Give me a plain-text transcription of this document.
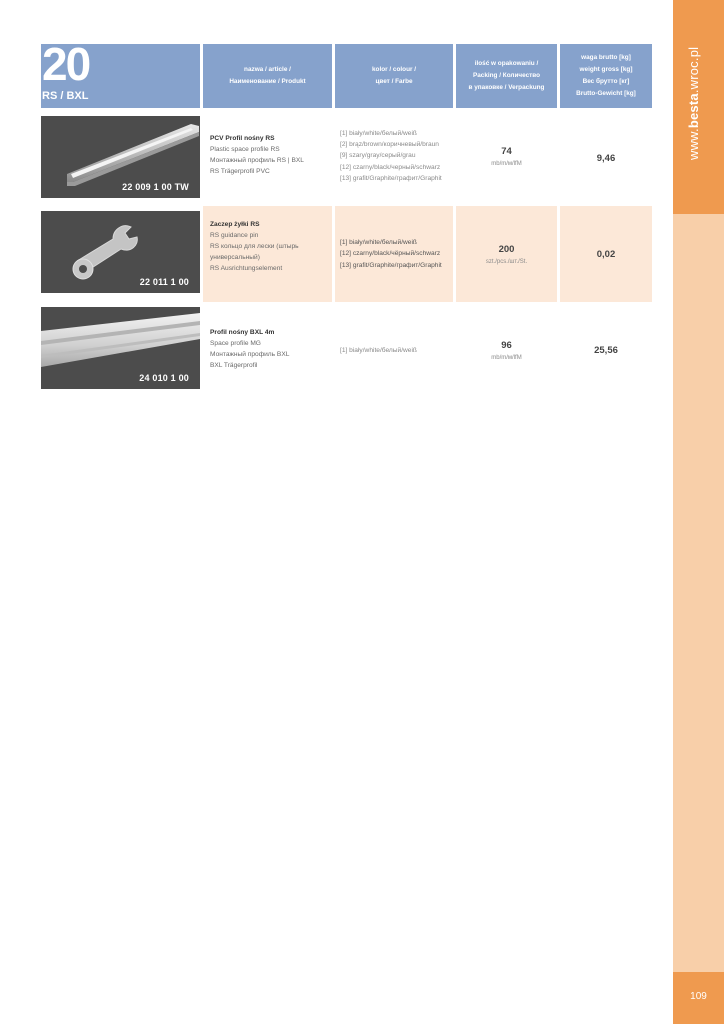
www.besta.wroc.pl
109
20
RS / BXL
nazwa / article /
Наименование / Produkt
kolor / colour /
цвет / Farbe
ilość w opakowaniu /
Packing / Количество
в упаковке / Verpackung
waga brutto [kg]
weight gross [kg]
Вес брутто [кг]
Brutto-Gewicht [kg]
22 009 1 00 TW
PCV Profil nośny RS
Plastic space profile RS
Монтажный профиль RS | BXL
RS Trägerprofil PVC
[1] biały/white/белый/weiß
[2] brąz/brown/коричневый/braun
[9] szary/gray/серый/grau
[12] czarny/black/черный/schwarz
[13] grafit/Graphite/графит/Graphit
74
mb/m/м/lfM	9,46
22 011 1 00
Zaczep żyłki RS
RS guidance pin
RS кольцо для лески (штырь
универсальный)
RS Ausrichtungselement
[1] biały/white/белый/weiß
[12] czarny/black/чёрный/schwarz
[13] grafit/Graphite/графит/Graphit
200
szt./pcs./шт./St.
0,02
24 010 1 00
Profil nośny BXL 4m
Space profile MG
Монтажный профиль BXL
BXL Trägerprofil
[1] biały/white/белый/weiß
96
mb/m/м/lfM
25,56
